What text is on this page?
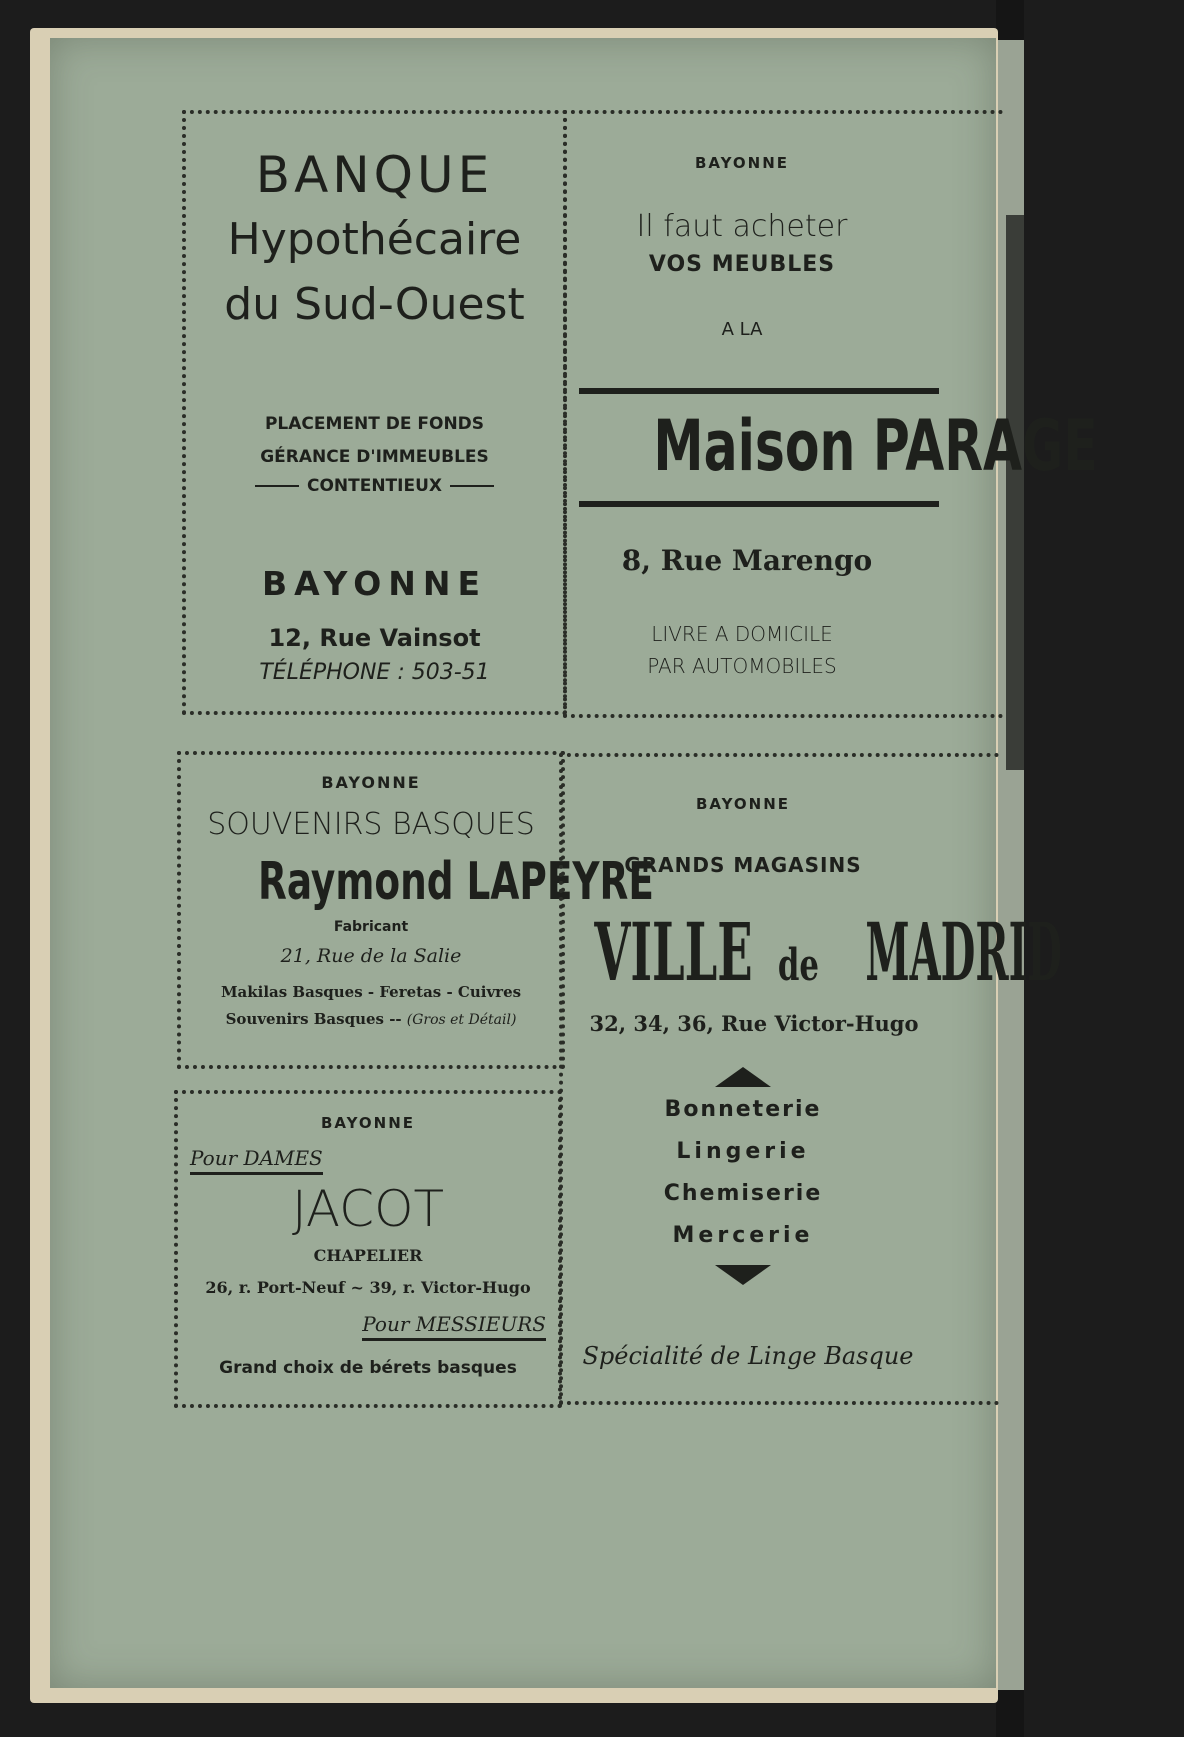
BANQUE
Hypothécaire
du Sud-Ouest
PLACEMENT DE FONDS
GÉRANCE D'IMMEUBLES
CONTENTIEUX
BAYONNE
12, Rue Vainsot
TÉLÉPHONE : 503-51
BAYONNE
Il faut acheter
VOS MEUBLES
A LA
Maison PARAGE
8, Rue Marengo
LIVRE A DOMICILE
PAR AUTOMOBILES
BAYONNE
SOUVENIRS BASQUES
Raymond LAPEYRE
Fabricant
21, Rue de la Salie
Makilas Basques - Feretas - Cuivres
Souvenirs Basques -- (Gros et Détail)
BAYONNE
GRANDS MAGASINS
VILLE de MADRID
32, 34, 36, Rue Victor-Hugo
Bonneterie
Lingerie
Chemiserie
Mercerie
Spécialité de Linge Basque
BAYONNE
Pour DAMES
JACOT
CHAPELIER
26, r. Port-Neuf ~ 39, r. Victor-Hugo
Pour MESSIEURS
Grand choix de bérets basques
